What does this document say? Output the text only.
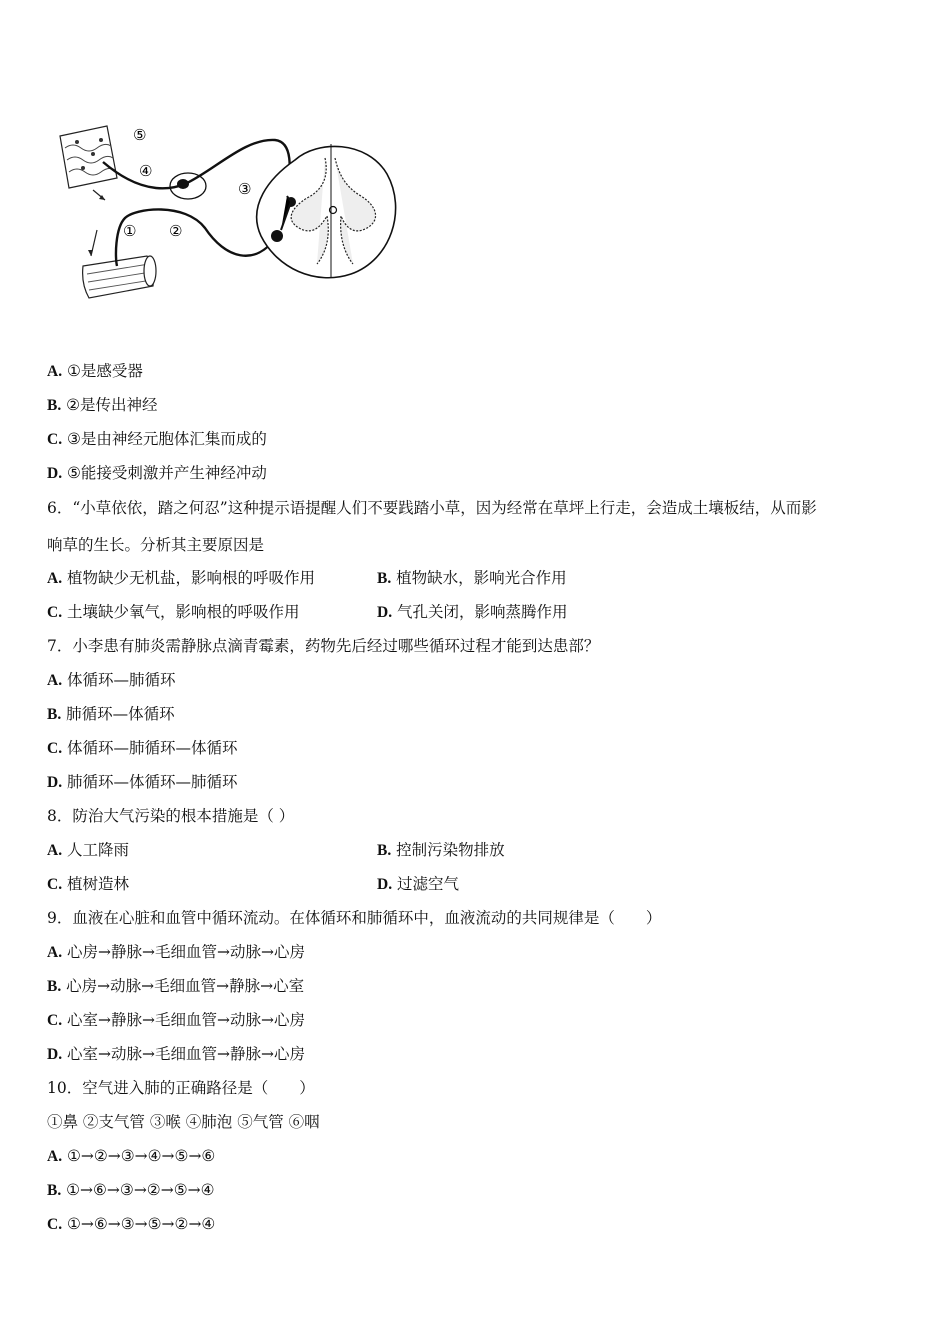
⑤
④
③
②
①
A. ①是感受器
B. ②是传出神经
C. ③是由神经元胞体汇集而成的
D. ⑤能接受刺激并产生神经冲动
6．“小草依依，踏之何忍”这种提示语提醒人们不要践踏小草，因为经常在草坪上行走，会造成土壤板结，从而影
响草的生长。分析其主要原因是
A. 植物缺少无机盐，影响根的呼吸作用	B. 植物缺水，影响光合作用
C. 土壤缺少氧气，影响根的呼吸作用	D. 气孔关闭，影响蒸腾作用
7．小李患有肺炎需静脉点滴青霉素，药物先后经过哪些循环过程才能到达患部？
A. 体循环—肺循环
B. 肺循环—体循环
C. 体循环—肺循环—体循环
D. 肺循环—体循环—肺循环
8．防治大气污染的根本措施是（ ）
A. 人工降雨	B. 控制污染物排放
C. 植树造林	D. 过滤空气
9．血液在心脏和血管中循环流动。在体循环和肺循环中，血液流动的共同规律是（　　）
A. 心房→静脉→毛细血管→动脉→心房
B. 心房→动脉→毛细血管→静脉→心室
C. 心室→静脉→毛细血管→动脉→心房
D. 心室→动脉→毛细血管→静脉→心房
10．空气进入肺的正确路径是（　　）
①鼻 ②支气管 ③喉 ④肺泡 ⑤气管 ⑥咽
A. ①→②→③→④→⑤→⑥
B. ①→⑥→③→②→⑤→④
C. ①→⑥→③→⑤→②→④
